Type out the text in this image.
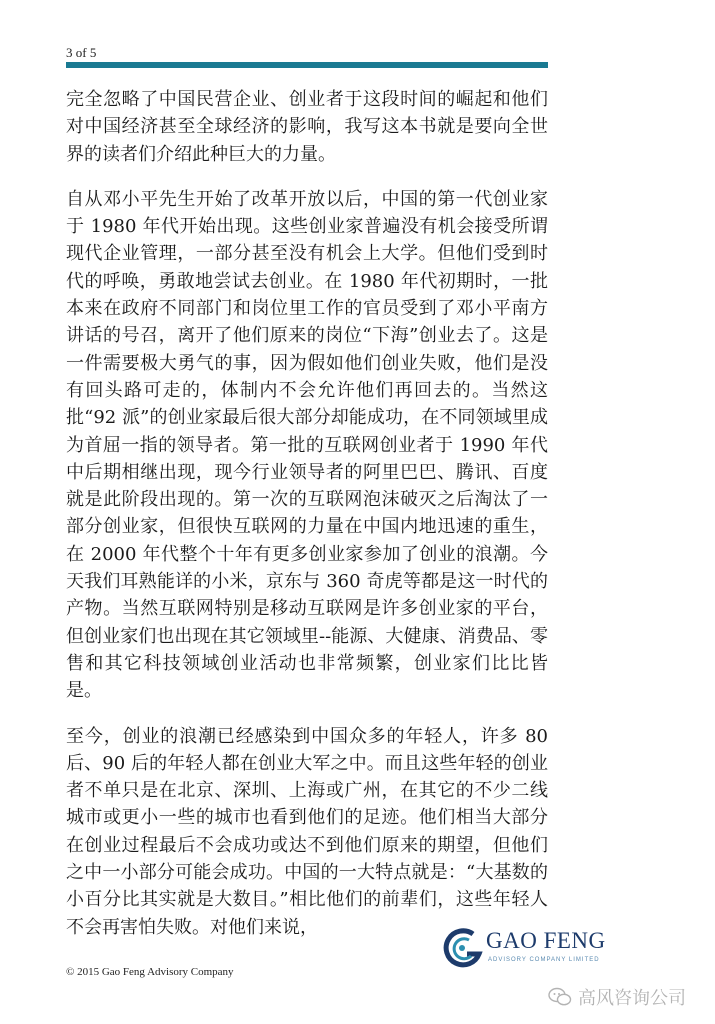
3 of 5

完全忽略了中国民营企业、创业者于这段时间的崛起和他们对中国经济甚至全球经济的影响，我写这本书就是要向全世界的读者们介绍此种巨大的力量。

自从邓小平先生开始了改革开放以后，中国的第一代创业家于 1980 年代开始出现。这些创业家普遍没有机会接受所谓现代企业管理，一部分甚至没有机会上大学。但他们受到时代的呼唤，勇敢地尝试去创业。在 1980 年代初期时，一批本来在政府不同部门和岗位里工作的官员受到了邓小平南方讲话的号召，离开了他们原来的岗位“下海”创业去了。这是一件需要极大勇气的事，因为假如他们创业失败，他们是没有回头路可走的，体制内不会允许他们再回去的。当然这批“92 派”的创业家最后很大部分却能成功，在不同领域里成为首屈一指的领导者。第一批的互联网创业者于 1990 年代中后期相继出现，现今行业领导者的阿里巴巴、腾讯、百度就是此阶段出现的。第一次的互联网泡沫破灭之后淘汰了一部分创业家，但很快互联网的力量在中国内地迅速的重生，在 2000 年代整个十年有更多创业家参加了创业的浪潮。今天我们耳熟能详的小米，京东与 360 奇虎等都是这一时代的产物。当然互联网特别是移动互联网是许多创业家的平台，但创业家们也出现在其它领域里--能源、大健康、消费品、零售和其它科技领域创业活动也非常频繁，创业家们比比皆是。

至今，创业的浪潮已经感染到中国众多的年轻人，许多 80 后、90 后的年轻人都在创业大军之中。而且这些年轻的创业者不单只是在北京、深圳、上海或广州，在其它的不少二线城市或更小一些的城市也看到他们的足迹。他们相当大部分在创业过程最后不会成功或达不到他们原来的期望，但他们之中一小部分可能会成功。中国的一大特点就是：“大基数的小百分比其实就是大数目。”相比他们的前辈们，这些年轻人不会再害怕失败。对他们来说，

GAO FENG
ADVISORY COMPANY LIMITED
© 2015 Gao Feng Advisory Company
高风咨询公司
